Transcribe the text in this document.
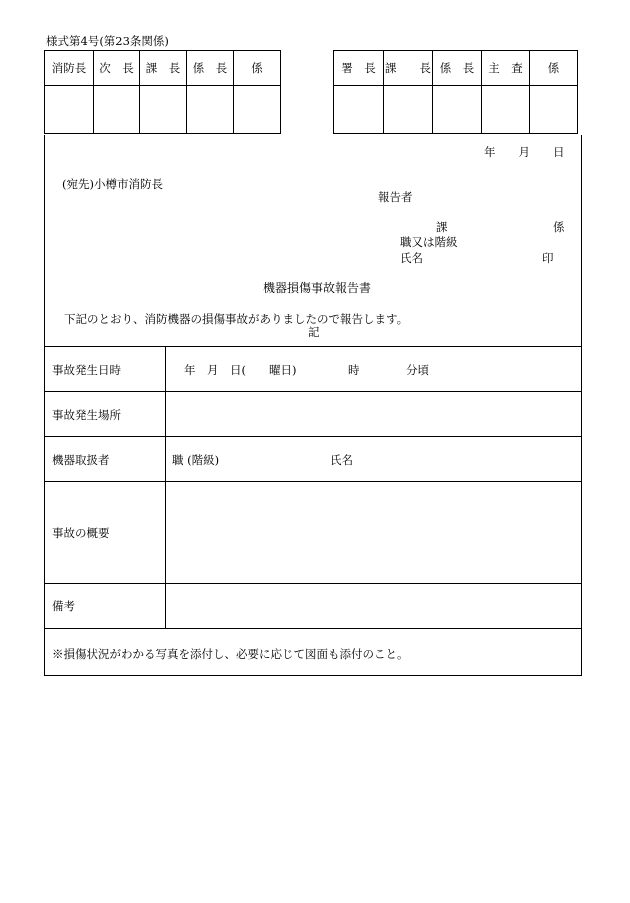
様式第4号(第23条関係)
消防長	次　長	課　長	係　長	係
					署　長	課　　長	係　長	主　査	係

年　　月　　日
(宛先)小樽市消防長
報告者
課	係
職又は階級
氏名	印
機器損傷事故報告書
下記のとおり、消防機器の損傷事故がありましたので報告します。
記
事故発生日時	年　月　日(　　曜日)	時	分頃
事故発生場所
機器取扱者	職 (階級)	氏名
事故の概要
備考
※損傷状況がわかる写真を添付し、必要に応じて図面も添付のこと。
